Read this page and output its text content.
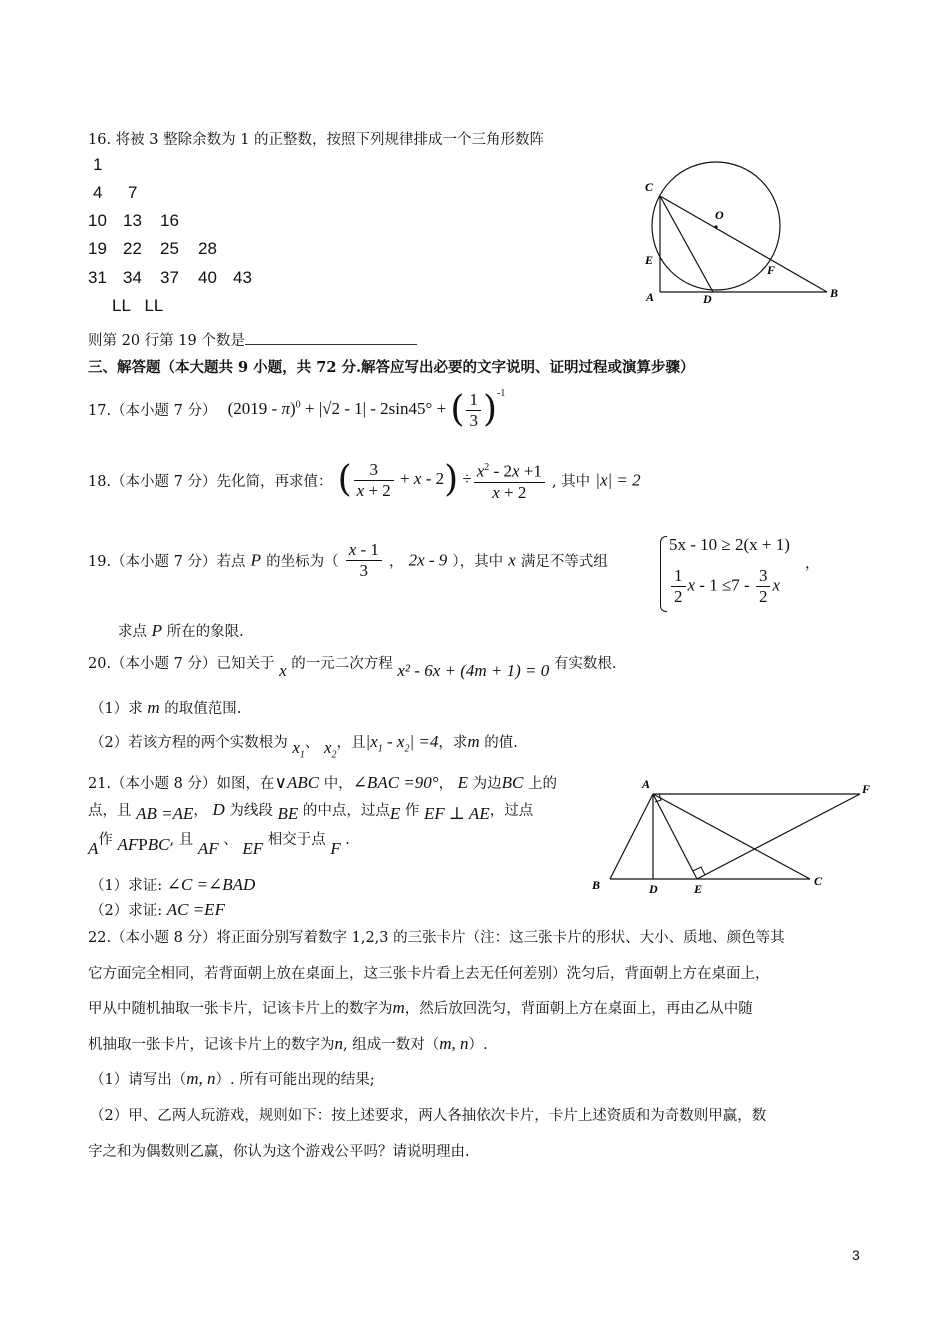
16. 将被 3 整除余数为 1 的正整数，按照下列规律排成一个三角形数阵
1
4 7
10 13 16
19 22 25 28
31 34 37 40 43
LL   LL
则第 20 行第 19 个数是
C
O
E
F
A	D	B
三、解答题（本大题共 9 小题，共 72 分.解答应写出必要的文字说明、证明过程或演算步骤）
17.（本小题 7 分） (2019 - π)$^0$ + |√2 - 1| - 2sin45° + ( $\frac{1}{3} )^{-1}$
18.（本小题 7 分）先化简，再求值： ( $\frac{3}{x + 2} + x - 2) \div \frac{x^2 - 2x +1}{x + 2}$ , 其中 |x| = 2
19.（本小题 7 分）若点 P 的坐标为（ $\frac{x - 1}{3}$ ， 2x - 9 ），其中 x 满足不等式组
5x - 10 ≥ 2(x + 1)
$\frac{1}{2}$ $x - 1 \le 7 - \frac{3}{2}$ x
，
求点 P 所在的象限.
20.（本小题 7 分）已知关于 x 的一元二次方程 x² - 6x + (4m + 1) = 0 有实数根.
（1）求 m 的取值范围.
（2）若该方程的两个实数根为 $x_1$、 $x_2$，且$|x_1 - x_2| =4$，求m 的值.
21.（本小题 8 分）如图，在∨ABC 中，∠BAC =90°， E 为边BC 上的
点，且 AB =AE， D 为线段 BE 的中点，过点E 作 EF ⊥ AE，过点
A作 AFPBC, 且 AF 、 EF 相交于点 F .
（1）求证: ∠C =∠BAD
（2）求证: AC =EF
A	F
B	D	E
C
22.（本小题 8 分）将正面分别写着数字 1,2,3 的三张卡片（注：这三张卡片的形状、大小、质地、颜色等其
它方面完全相同，若背面朝上放在桌面上，这三张卡片看上去无任何差别）洗匀后，背面朝上方在桌面上，
甲从中随机抽取一张卡片，记该卡片上的数字为m，然后放回洗匀，背面朝上方在桌面上，再由乙从中随
机抽取一张卡片，记该卡片上的数字为n, 组成一数对（m, n）.
（1）请写出（m, n）. 所有可能出现的结果;
（2）甲、乙两人玩游戏，规则如下：按上述要求，两人各抽依次卡片，卡片上述资质和为奇数则甲赢，数
字之和为偶数则乙赢，你认为这个游戏公平吗？请说明理由.
3
